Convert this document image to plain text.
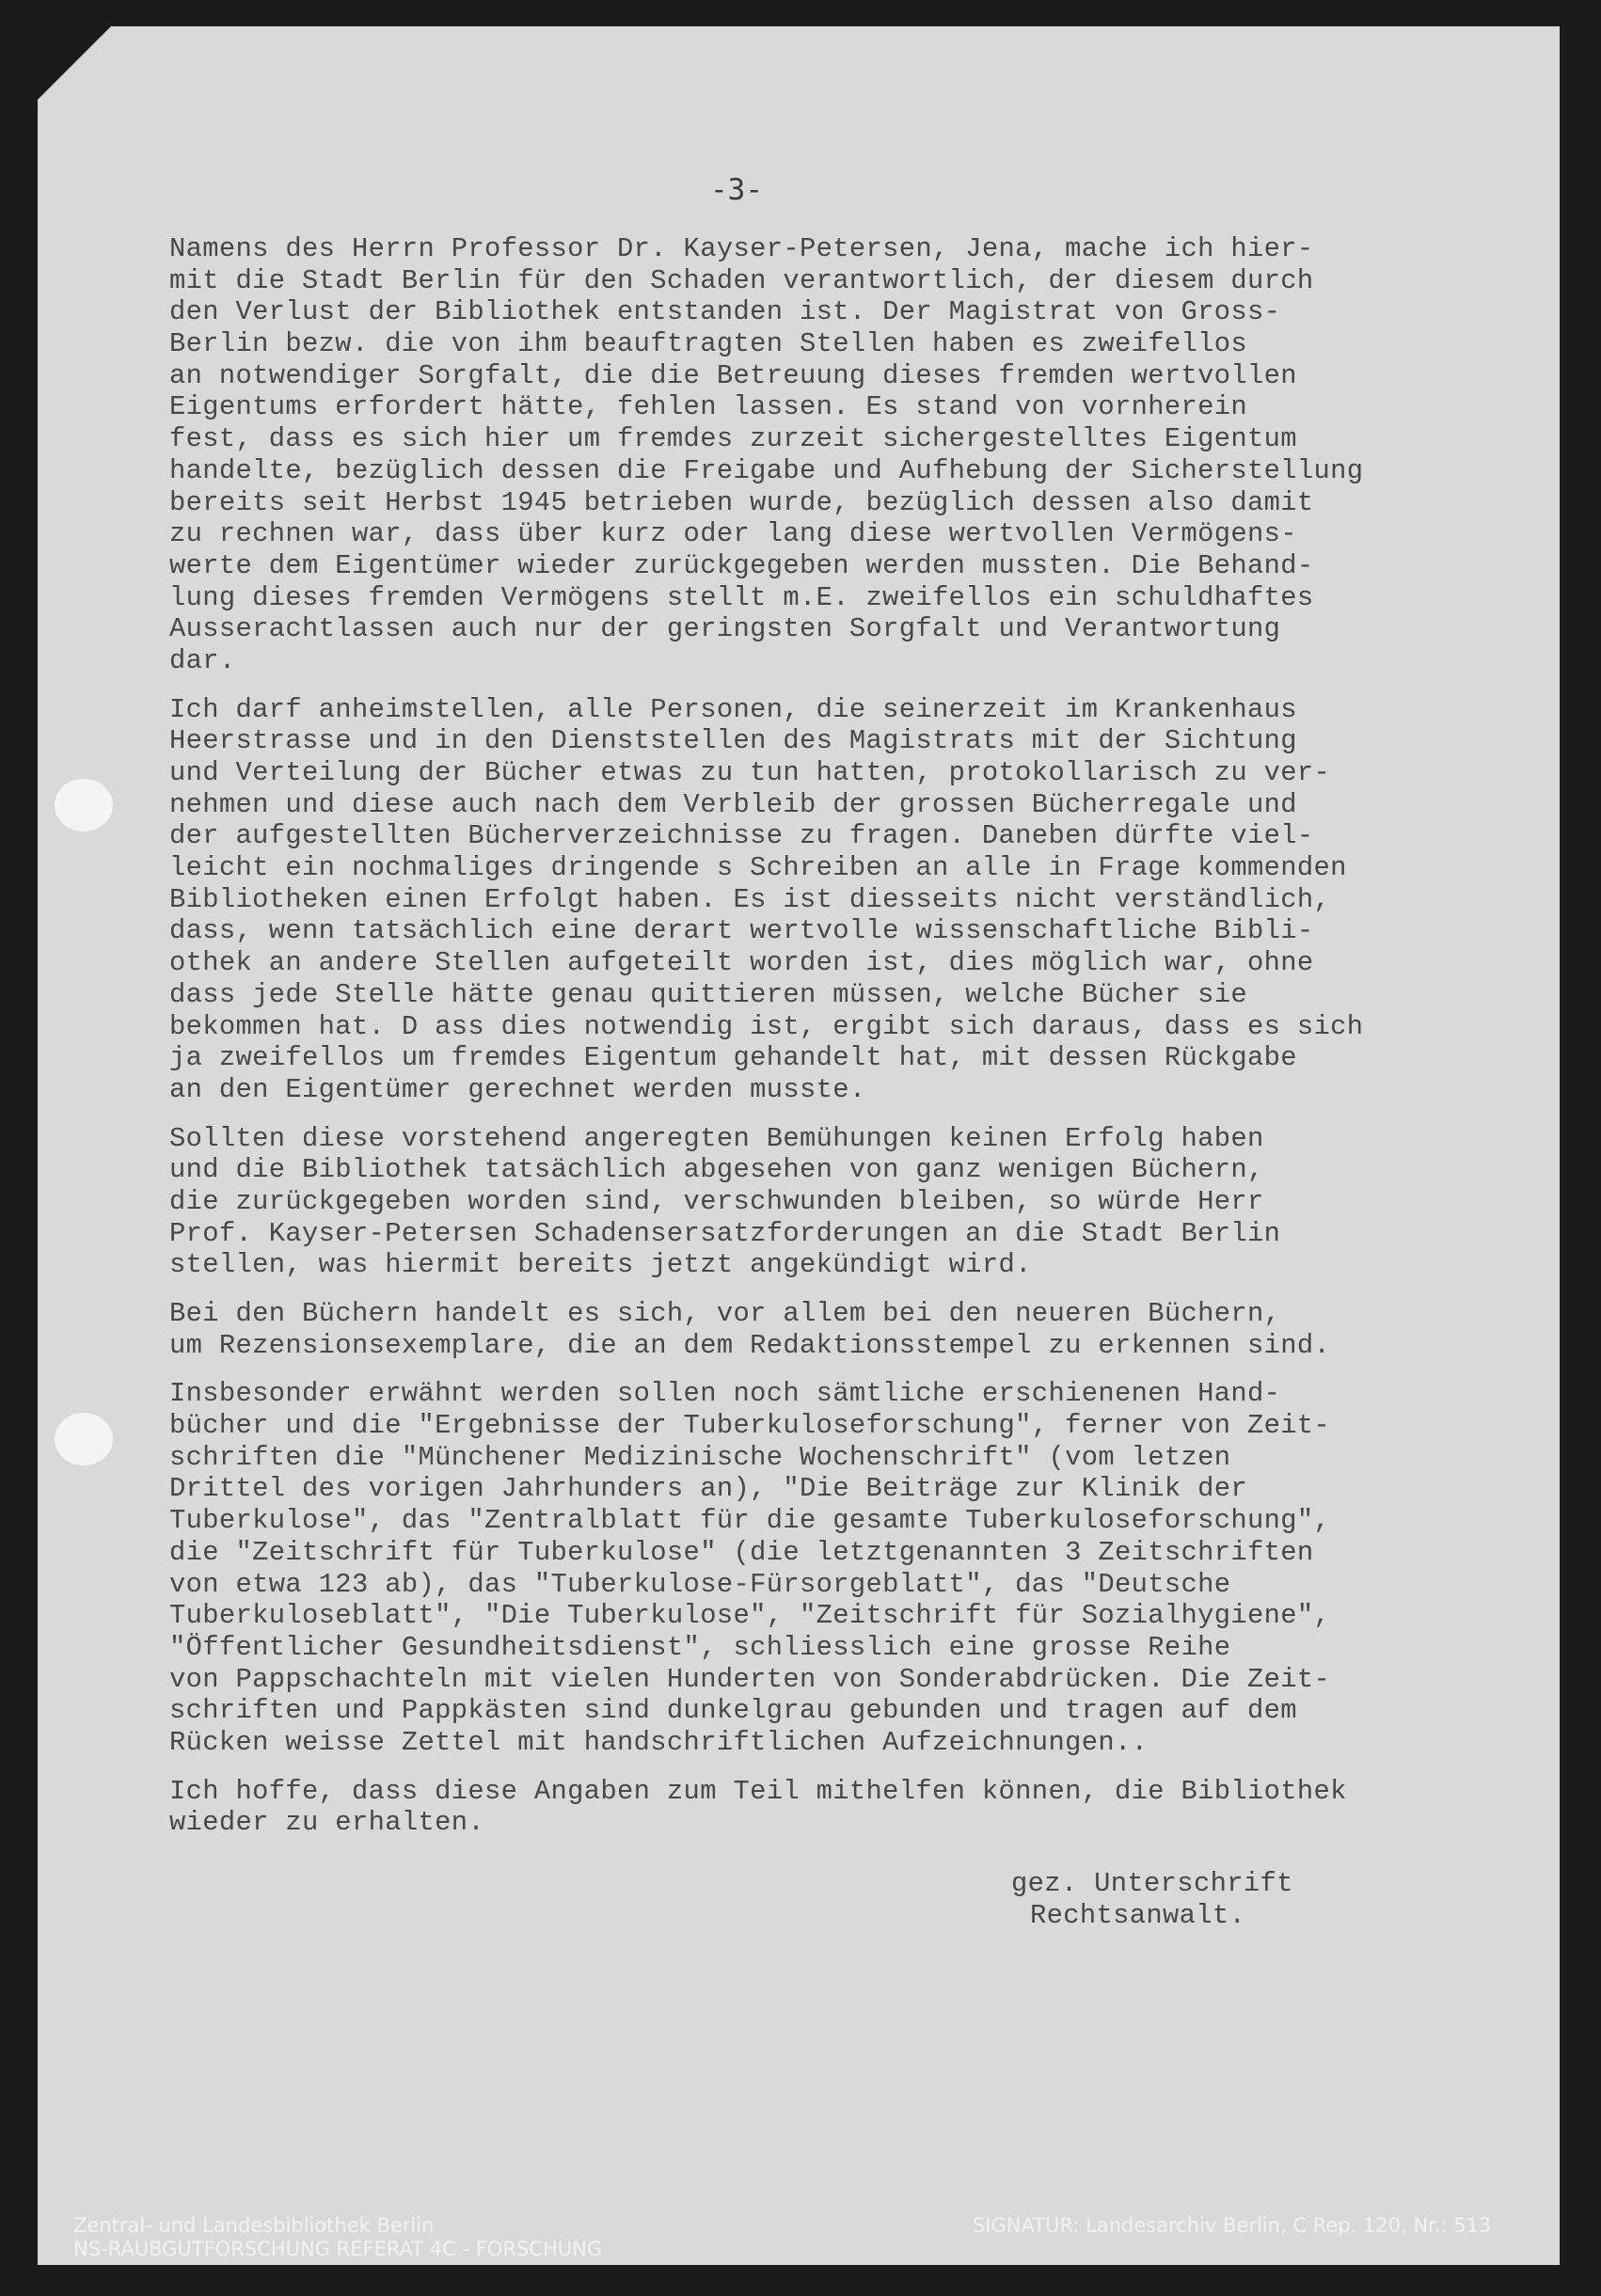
-3-
Namens des Herrn Professor Dr. Kayser-Petersen, Jena, mache ich hier-
mit die Stadt Berlin für den Schaden verantwortlich, der diesem durch
den Verlust der Bibliothek entstanden ist. Der Magistrat von Gross-
Berlin bezw. die von ihm beauftragten Stellen haben es zweifellos
an notwendiger Sorgfalt, die die Betreuung dieses fremden wertvollen
Eigentums erfordert hätte, fehlen lassen. Es stand von vornherein
fest, dass es sich hier um fremdes zurzeit sichergestelltes Eigentum
handelte, bezüglich dessen die Freigabe und Aufhebung der Sicherstellung
bereits seit Herbst 1945 betrieben wurde, bezüglich dessen also damit
zu rechnen war, dass über kurz oder lang diese wertvollen Vermögens-
werte dem Eigentümer wieder zurückgegeben werden mussten. Die Behand-
lung dieses fremden Vermögens stellt m.E. zweifellos ein schuldhaftes
Ausserachtlassen auch nur der geringsten Sorgfalt und Verantwortung
dar.
Ich darf anheimstellen, alle Personen, die seinerzeit im Krankenhaus
Heerstrasse und in den Dienststellen des Magistrats mit der Sichtung
und Verteilung der Bücher etwas zu tun hatten, protokollarisch zu ver-
nehmen und diese auch nach dem Verbleib der grossen Bücherregale und
der aufgestellten Bücherverzeichnisse zu fragen. Daneben dürfte viel-
leicht ein nochmaliges dringende s Schreiben an alle in Frage kommenden
Bibliotheken einen Erfolgt haben. Es ist diesseits nicht verständlich,
dass, wenn tatsächlich eine derart wertvolle wissenschaftliche Bibli-
othek an andere Stellen aufgeteilt worden ist, dies möglich war, ohne
dass jede Stelle hätte genau quittieren müssen, welche Bücher sie
bekommen hat. D ass dies notwendig ist, ergibt sich daraus, dass es sich
ja zweifellos um fremdes Eigentum gehandelt hat, mit dessen Rückgabe
an den Eigentümer gerechnet werden musste.
Sollten diese vorstehend angeregten Bemühungen keinen Erfolg haben
und die Bibliothek tatsächlich abgesehen von ganz wenigen Büchern,
die zurückgegeben worden sind, verschwunden bleiben, so würde Herr
Prof. Kayser-Petersen Schadensersatzforderungen an die Stadt Berlin
stellen, was hiermit bereits jetzt angekündigt wird.
Bei den Büchern handelt es sich, vor allem bei den neueren Büchern,
um Rezensionsexemplare, die an dem Redaktionsstempel zu erkennen sind.
Insbesonder erwähnt werden sollen noch sämtliche erschienenen Hand-
bücher und die "Ergebnisse der Tuberkuloseforschung", ferner von Zeit-
schriften die "Münchener Medizinische Wochenschrift" (vom letzen
Drittel des vorigen Jahrhunders an), "Die Beiträge zur Klinik der
Tuberkulose", das "Zentralblatt für die gesamte Tuberkuloseforschung",
die "Zeitschrift für Tuberkulose" (die letztgenannten 3 Zeitschriften
von etwa 123 ab), das "Tuberkulose-Fürsorgeblatt", das "Deutsche
Tuberkuloseblatt", "Die Tuberkulose", "Zeitschrift für Sozialhygiene",
"Öffentlicher Gesundheitsdienst", schliesslich eine grosse Reihe
von Pappschachteln mit vielen Hunderten von Sonderabdrücken. Die Zeit-
schriften und Pappkästen sind dunkelgrau gebunden und tragen auf dem
Rücken weisse Zettel mit handschriftlichen Aufzeichnungen..
Ich hoffe, dass diese Angaben zum Teil mithelfen können, die Bibliothek
wieder zu erhalten.
gez. Unterschrift
Rechtsanwalt.
Zentral- und Landesbibliothek Berlin
NS-RAUBGUTFORSCHUNG REFERAT 4C - FORSCHUNG
SIGNATUR: Landesarchiv Berlin, C Rep. 120, Nr.: 513
